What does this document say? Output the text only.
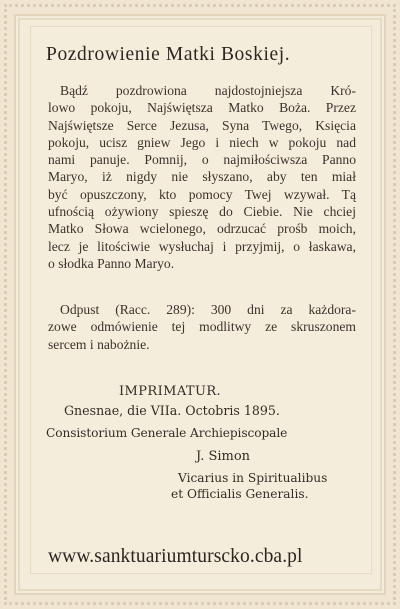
Pozdrowienie Matki Boskiej.
Bądź pozdrowiona najdostojniejsza Kró-
lowo pokoju, Najświętsza Matko Boża. Przez
Najświętsze Serce Jezusa, Syna Twego, Księcia
pokoju, ucisz gniew Jego i niech w pokoju nad
nami panuje. Pomnij, o najmiłościwsza Panno
Maryo, iż nigdy nie słyszano, aby ten miał
być opuszczony, kto pomocy Twej wzywał. Tą
ufnością ożywiony spieszę do Ciebie. Nie chciej
Matko Słowa wcielonego, odrzucać prośb moich,
lecz je litościwie wysłuchaj i przyjmij, o łaskawa,
o słodka Panno Maryo.
Odpust (Racc. 289): 300 dni za każdora-
zowe odmówienie tej modlitwy ze skruszonem
sercem i nabożnie.
IMPRIMATUR.
Gnesnae, die VIIa. Octobris 1895.
Consistorium Generale Archiepiscopale
J. Simon
Vicarius in Spiritualibus
et Officialis Generalis.
www.sanktuariumturscko.cba.pl
